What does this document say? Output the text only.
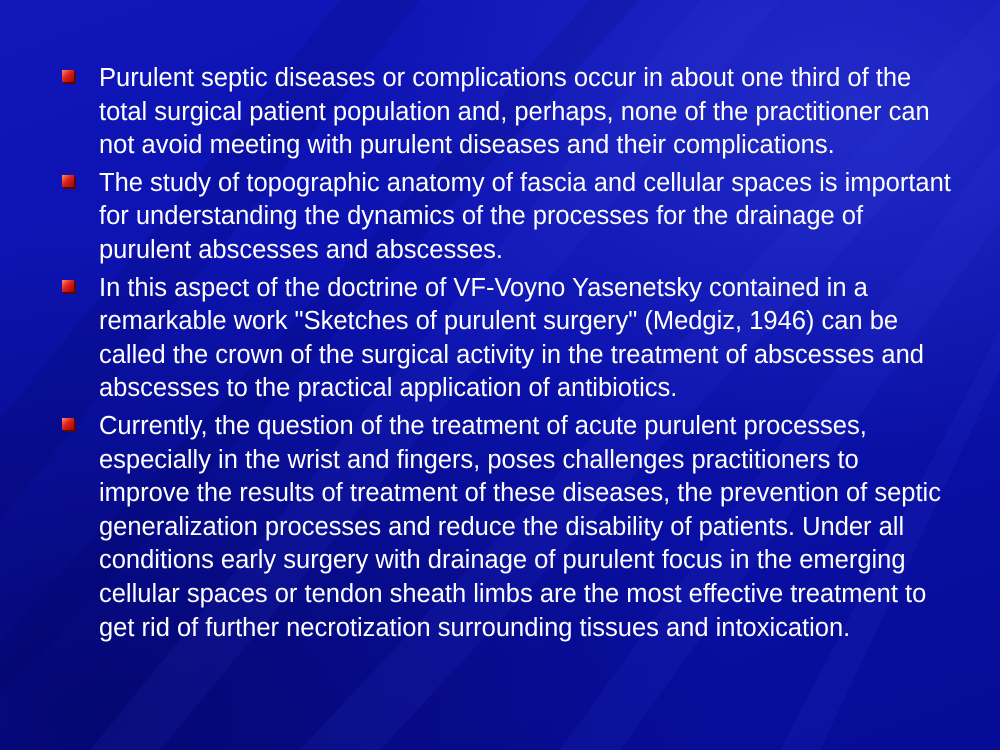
Purulent septic diseases or complications occur in about one third of the total surgical patient population and, perhaps, none of the practitioner can not avoid meeting with purulent diseases and their complications.
The study of topographic anatomy of fascia and cellular spaces is important for understanding the dynamics of the processes for the drainage of purulent abscesses and abscesses.
In this aspect of the doctrine of VF-Voyno Yasenetsky contained in a remarkable work "Sketches of purulent surgery" (Medgiz, 1946) can be called the crown of the surgical activity in the treatment of abscesses and abscesses to the practical application of antibiotics.
Currently, the question of the treatment of acute purulent processes, especially in the wrist and fingers, poses challenges practitioners to improve the results of treatment of these diseases, the prevention of septic generalization processes and reduce the disability of patients. Under all conditions early surgery with drainage of purulent focus in the emerging cellular spaces or tendon sheath limbs are the most effective treatment to get rid of further necrotization surrounding tissues and intoxication.
